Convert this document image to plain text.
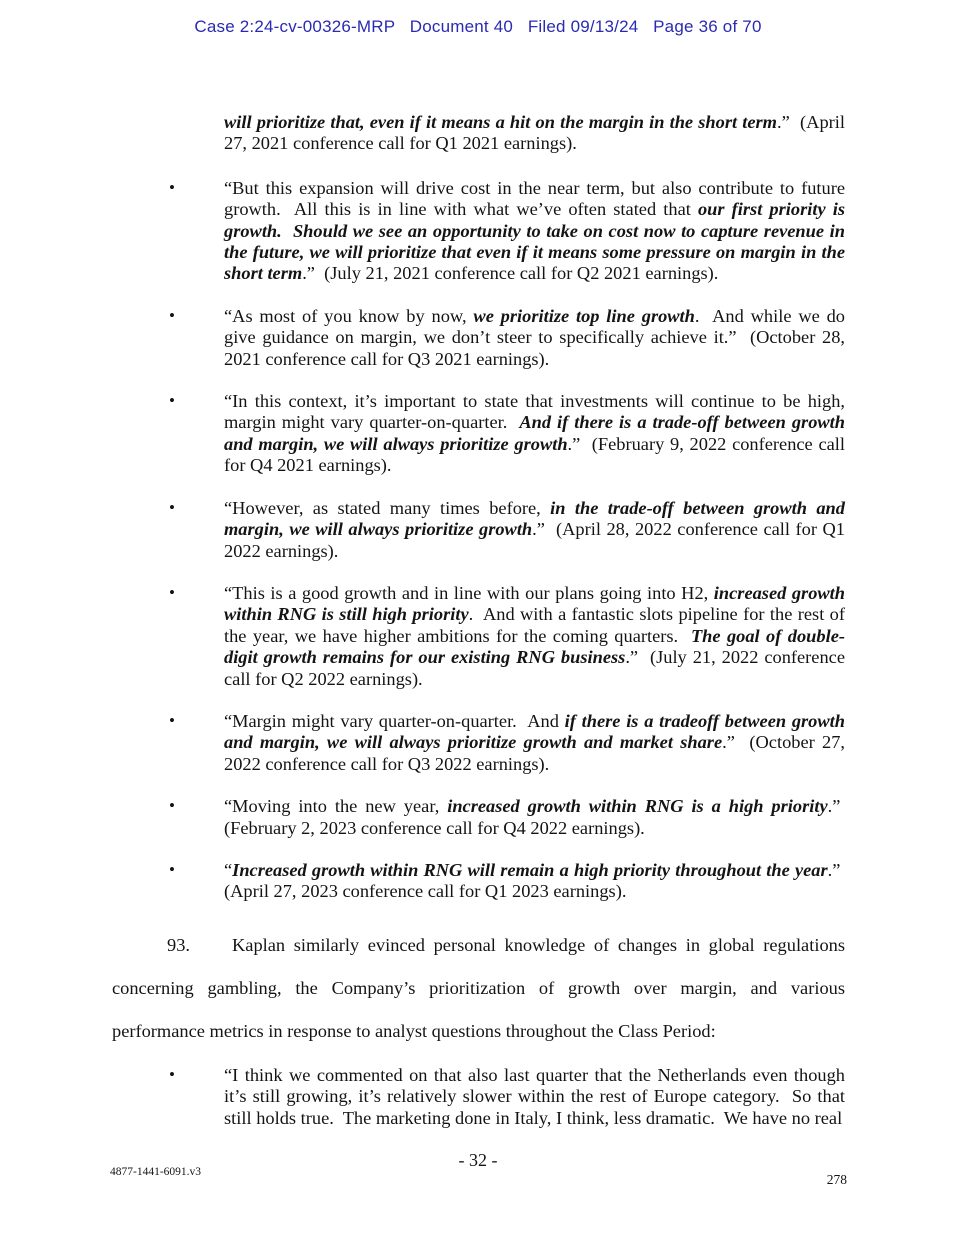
Case 2:24-cv-00326-MRP   Document 40   Filed 09/13/24   Page 36 of 70

will prioritize that, even if it means a hit on the margin in the short term.”  (April 27, 2021 conference call for Q1 2021 earnings).

•	“But this expansion will drive cost in the near term, but also contribute to future growth.  All this is in line with what we’ve often stated that our first priority is growth.  Should we see an opportunity to take on cost now to capture revenue in the future, we will prioritize that even if it means some pressure on margin in the short term.”  (July 21, 2021 conference call for Q2 2021 earnings).
•	“As most of you know by now, we prioritize top line growth.  And while we do give guidance on margin, we don’t steer to specifically achieve it.”  (October 28, 2021 conference call for Q3 2021 earnings).
•	“In this context, it’s important to state that investments will continue to be high, margin might vary quarter-on-quarter.  And if there is a trade-off between growth and margin, we will always prioritize growth.”  (February 9, 2022 conference call for Q4 2021 earnings).
•	“However, as stated many times before, in the trade-off between growth and margin, we will always prioritize growth.”  (April 28, 2022 conference call for Q1 2022 earnings).
•	“This is a good growth and in line with our plans going into H2, increased growth within RNG is still high priority.  And with a fantastic slots pipeline for the rest of the year, we have higher ambitions for the coming quarters.  The goal of double-digit growth remains for our existing RNG business.”  (July 21, 2022 conference call for Q2 2022 earnings).
•	“Margin might vary quarter-on-quarter.  And if there is a tradeoff between growth and margin, we will always prioritize growth and market share.”  (October 27, 2022 conference call for Q3 2022 earnings).
•	“Moving into the new year, increased growth within RNG is a high priority.”  (February 2, 2023 conference call for Q4 2022 earnings).
•	“Increased growth within RNG will remain a high priority throughout the year.”  (April 27, 2023 conference call for Q1 2023 earnings).

93. Kaplan similarly evinced personal knowledge of changes in global regulations concerning gambling, the Company’s prioritization of growth over margin, and various performance metrics in response to analyst questions throughout the Class Period:

•	“I think we commented on that also last quarter that the Netherlands even though it’s still growing, it’s relatively slower within the rest of Europe category.  So that still holds true.  The marketing done in Italy, I think, less dramatic.  We have no real
- 32 -
4877-1441-6091.v3	278
